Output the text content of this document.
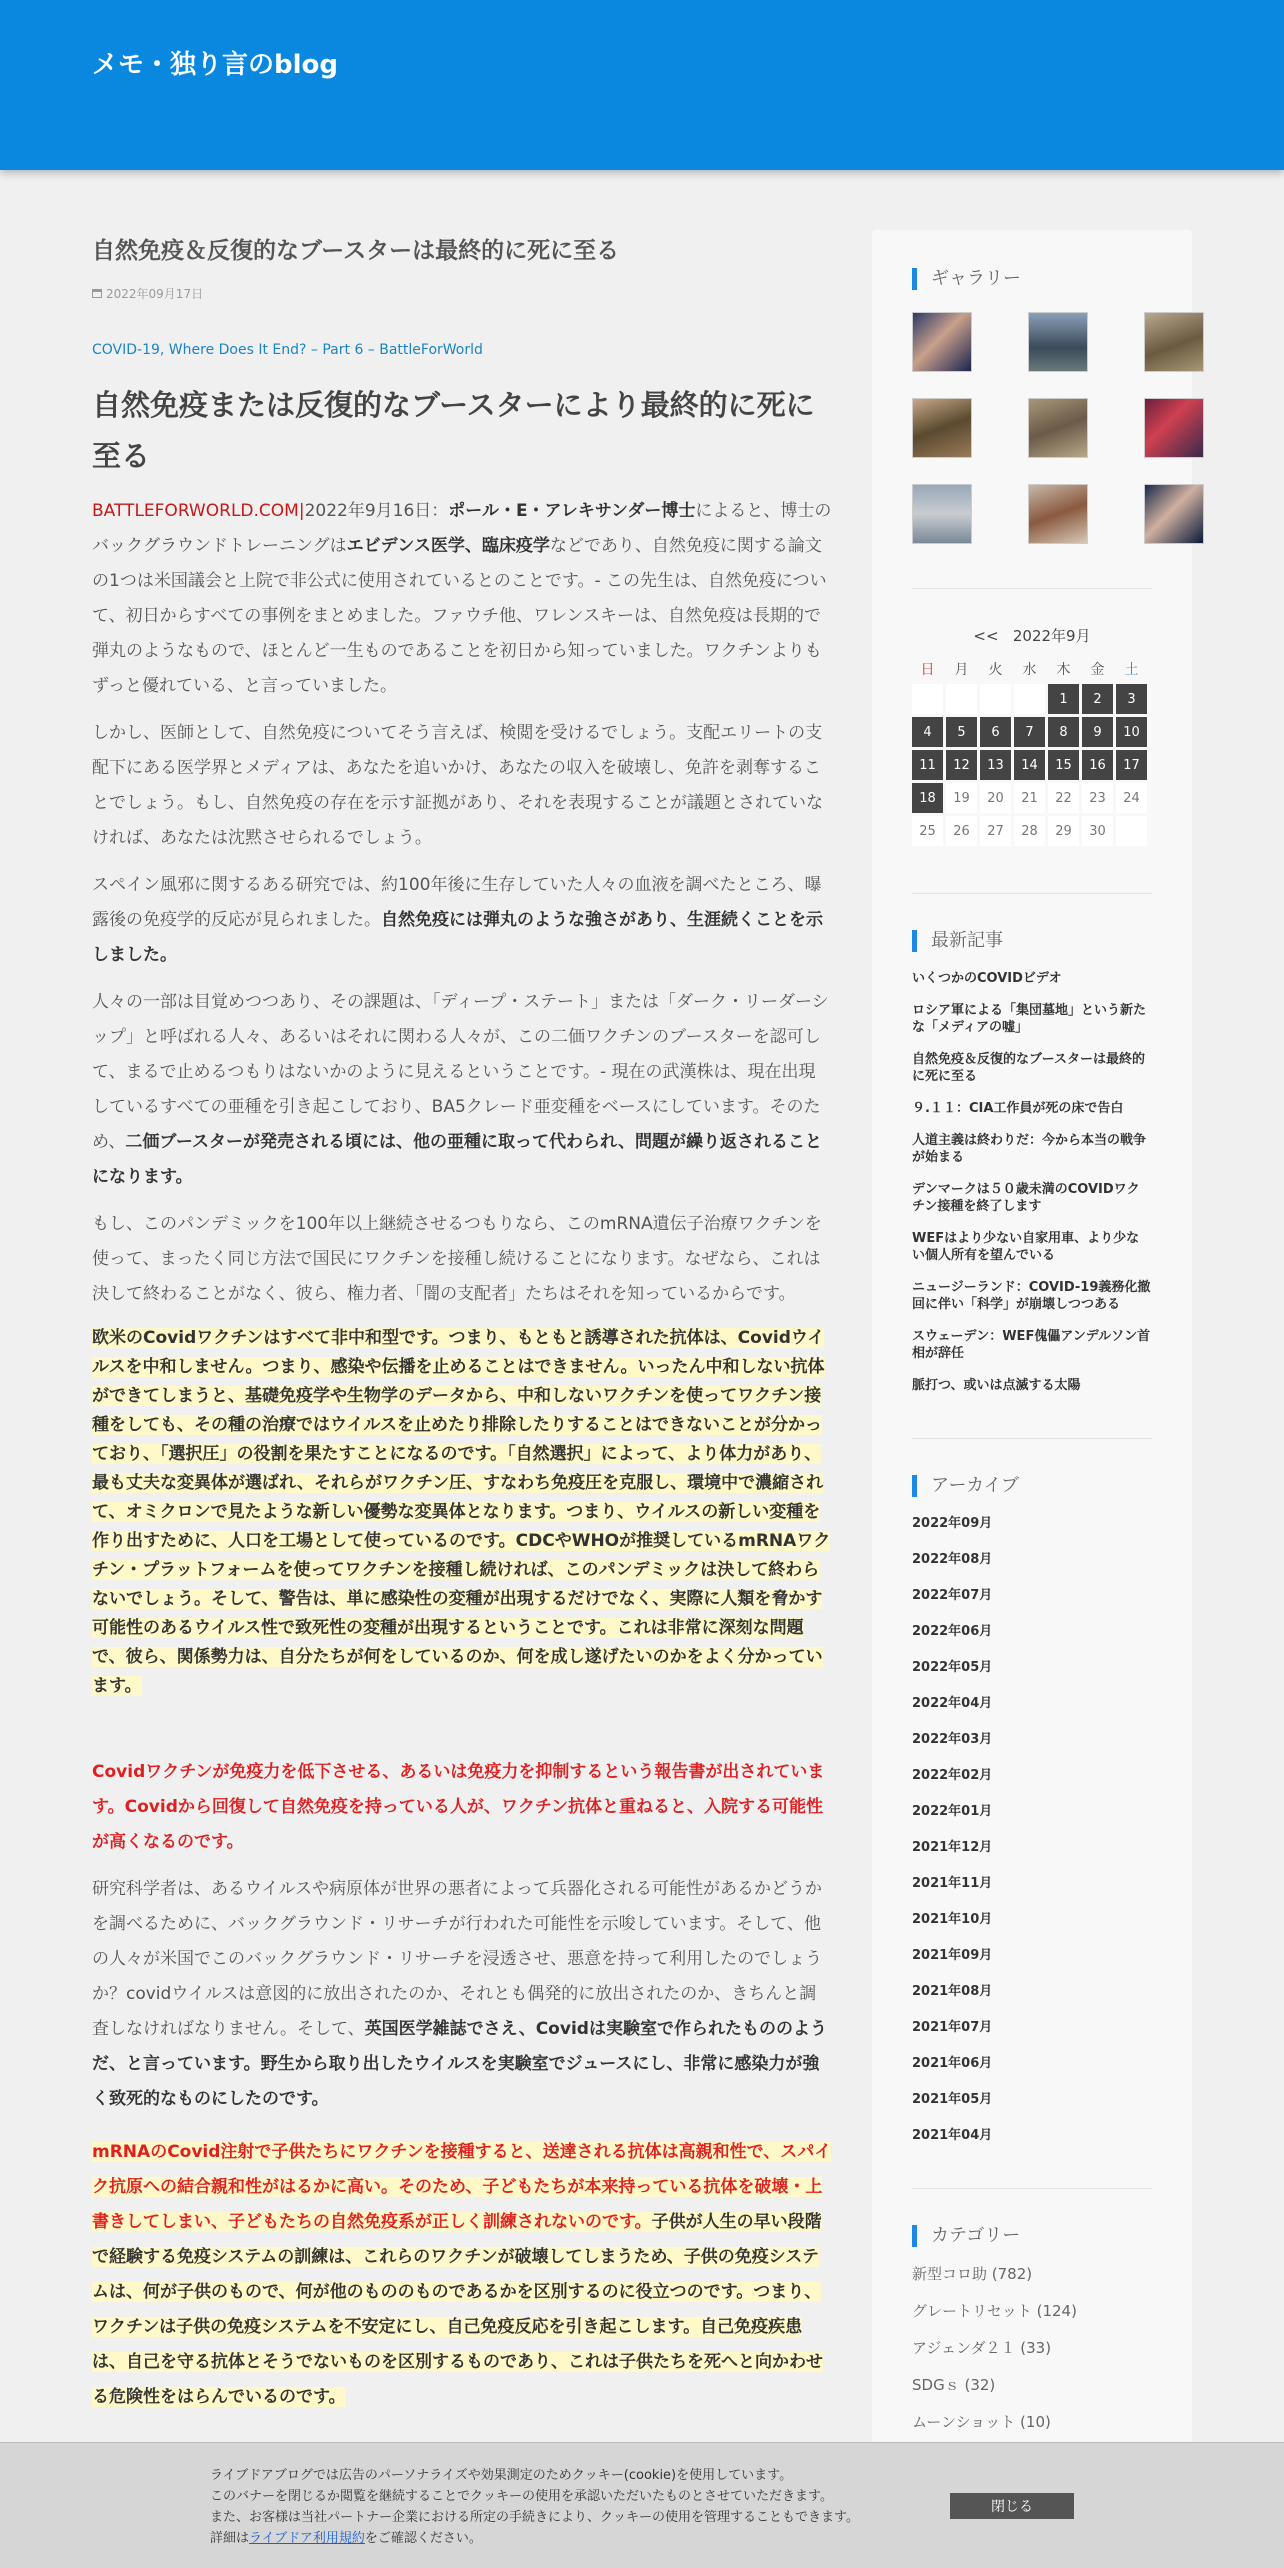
メモ・独り言のblog
自然免疫＆反復的なブースターは最終的に死に至る
2022年09月17日
COVID-19, Where Does It End? – Part 6 – BattleForWorld
自然免疫または反復的なブースターにより最終的に死に至る

BATTLEFORWORLD.COM|2022年9月16日：ポール・E・アレキサンダー博士によると、博士のバックグラウンドトレーニングはエビデンス医学、臨床疫学などであり、自然免疫に関する論文の1つは米国議会と上院で非公式に使用されているとのことです。- この先生は、自然免疫について、初日からすべての事例をまとめました。ファウチ他、ワレンスキーは、自然免疫は長期的で弾丸のようなもので、ほとんど一生ものであることを初日から知っていました。ワクチンよりもずっと優れている、と言っていました。

しかし、医師として、自然免疫についてそう言えば、検閲を受けるでしょう。支配エリートの支配下にある医学界とメディアは、あなたを追いかけ、あなたの収入を破壊し、免許を剥奪することでしょう。もし、自然免疫の存在を示す証拠があり、それを表現することが議題とされていなければ、あなたは沈黙させられるでしょう。

スペイン風邪に関するある研究では、約100年後に生存していた人々の血液を調べたところ、曝露後の免疫学的反応が見られました。自然免疫には弾丸のような強さがあり、生涯続くことを示しました。

人々の一部は目覚めつつあり、その課題は、「ディープ・ステート」または「ダーク・リーダーシップ」と呼ばれる人々、あるいはそれに関わる人々が、この二価ワクチンのブースターを認可して、まるで止めるつもりはないかのように見えるということです。- 現在の武漢株は、現在出現しているすべての亜種を引き起こしており、BA5クレード亜変種をベースにしています。そのため、二価ブースターが発売される頃には、他の亜種に取って代わられ、問題が繰り返されることになります。

もし、このパンデミックを100年以上継続させるつもりなら、このmRNA遺伝子治療ワクチンを使って、まったく同じ方法で国民にワクチンを接種し続けることになります。なぜなら、これは決して終わることがなく、彼ら、権力者、「闇の支配者」たちはそれを知っているからです。

欧米のCovidワクチンはすべて非中和型です。つまり、もともと誘導された抗体は、Covidウイルスを中和しません。つまり、感染や伝播を止めることはできません。いったん中和しない抗体ができてしまうと、基礎免疫学や生物学のデータから、中和しないワクチンを使ってワクチン接種をしても、その種の治療ではウイルスを止めたり排除したりすることはできないことが分かっており、「選択圧」の役割を果たすことになるのです。「自然選択」によって、より体力があり、最も丈夫な変異体が選ばれ、それらがワクチン圧、すなわち免疫圧を克服し、環境中で濃縮されて、オミクロンで見たような新しい優勢な変異体となります。つまり、ウイルスの新しい変種を作り出すために、人口を工場として使っているのです。CDCやWHOが推奨しているmRNAワクチン・プラットフォームを使ってワクチンを接種し続ければ、このパンデミックは決して終わらないでしょう。そして、警告は、単に感染性の変種が出現するだけでなく、実際に人類を脅かす可能性のあるウイルス性で致死性の変種が出現するということです。これは非常に深刻な問題で、彼ら、関係勢力は、自分たちが何をしているのか、何を成し遂げたいのかをよく分かっています。

Covidワクチンが免疫力を低下させる、あるいは免疫力を抑制するという報告書が出されています。Covidから回復して自然免疫を持っている人が、ワクチン抗体と重ねると、入院する可能性が高くなるのです。

研究科学者は、あるウイルスや病原体が世界の悪者によって兵器化される可能性があるかどうかを調べるために、バックグラウンド・リサーチが行われた可能性を示唆しています。そして、他の人々が米国でこのバックグラウンド・リサーチを浸透させ、悪意を持って利用したのでしょうか？covidウイルスは意図的に放出されたのか、それとも偶発的に放出されたのか、きちんと調査しなければなりません。そして、英国医学雑誌でさえ、Covidは実験室で作られたもののようだ、と言っています。野生から取り出したウイルスを実験室でジュースにし、非常に感染力が強く致死的なものにしたのです。

mRNAのCovid注射で子供たちにワクチンを接種すると、送達される抗体は高親和性で、スパイク抗原への結合親和性がはるかに高い。そのため、子どもたちが本来持っている抗体を破壊・上書きしてしまい、子どもたちの自然免疫系が正しく訓練されないのです。子供が人生の早い段階で経験する免疫システムの訓練は、これらのワクチンが破壊してしまうため、子供の免疫システムは、何が子供のもので、何が他のもののものであるかを区別するのに役立つのです。つまり、ワクチンは子供の免疫システムを不安定にし、自己免疫反応を引き起こします。自己免疫疾患は、自己を守る抗体とそうでないものを区別するものであり、これは子供たちを死へと向かわせる危険性をはらんでいるのです。

ギャラリー
<< 2022年9月
日	月	火	水	木	金	土
				1	2	3
4	5	6	7	8	9	10
11	12	13	14	15	16	17
18	19	20	21	22	23	24
25	26	27	28	29	30	
最新記事
いくつかのCOVIDビデオ
ロシア軍による「集団墓地」という新たな「メディアの嘘」
自然免疫＆反復的なブースターは最終的に死に至る
９.１１：CIA工作員が死の床で告白
人道主義は終わりだ：今から本当の戦争が始まる
デンマークは５０歳未満のCOVIDワクチン接種を終了します
WEFはより少ない自家用車、より少ない個人所有を望んでいる
ニュージーランド：COVID-19義務化撤回に伴い「科学」が崩壊しつつある
スウェーデン：WEF傀儡アンデルソン首相が辞任
脈打つ、或いは点滅する太陽
アーカイブ
2022年09月
2022年08月
2022年07月
2022年06月
2022年05月
2022年04月
2022年03月
2022年02月
2022年01月
2021年12月
2021年11月
2021年10月
2021年09月
2021年08月
2021年07月
2021年06月
2021年05月
2021年04月
カテゴリー
新型コロ助 (782)
グレートリセット (124)
アジェンダ２１ (33)
SDGｓ (32)
ムーンショット (10)
ライブドアブログでは広告のパーソナライズや効果測定のためクッキー(cookie)を使用しています。
このバナーを閉じるか閲覧を継続することでクッキーの使用を承認いただいたものとさせていただきます。
また、お客様は当社パートナー企業における所定の手続きにより、クッキーの使用を管理することもできます。
詳細はライブドア利用規約をご確認ください。
閉じる
